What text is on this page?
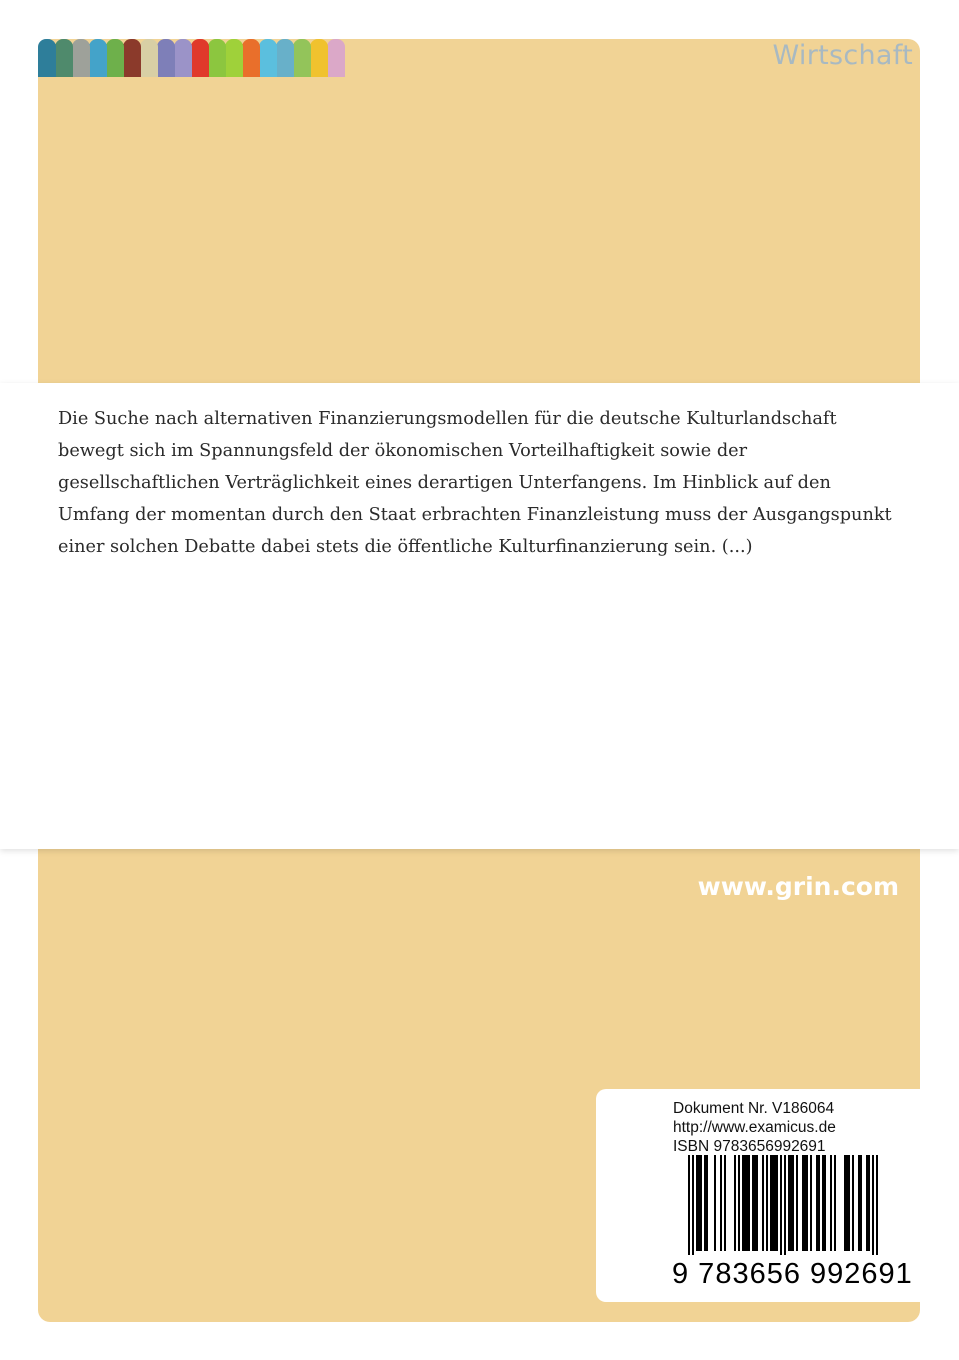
Wirtschaft
Die Suche nach alternativen Finanzierungsmodellen für die deutsche Kulturlandschaft
bewegt sich im Spannungsfeld der ökonomischen Vorteilhaftigkeit sowie der
gesellschaftlichen Verträglichkeit eines derartigen Unterfangens. Im Hinblick auf den
Umfang der momentan durch den Staat erbrachten Finanzleistung muss der Ausgangspunkt
einer solchen Debatte dabei stets die öffentliche Kulturfinanzierung sein. (...)
www.grin.com
Dokument Nr. V186064
http://www.examicus.de
ISBN 9783656992691
9 783656 992691
